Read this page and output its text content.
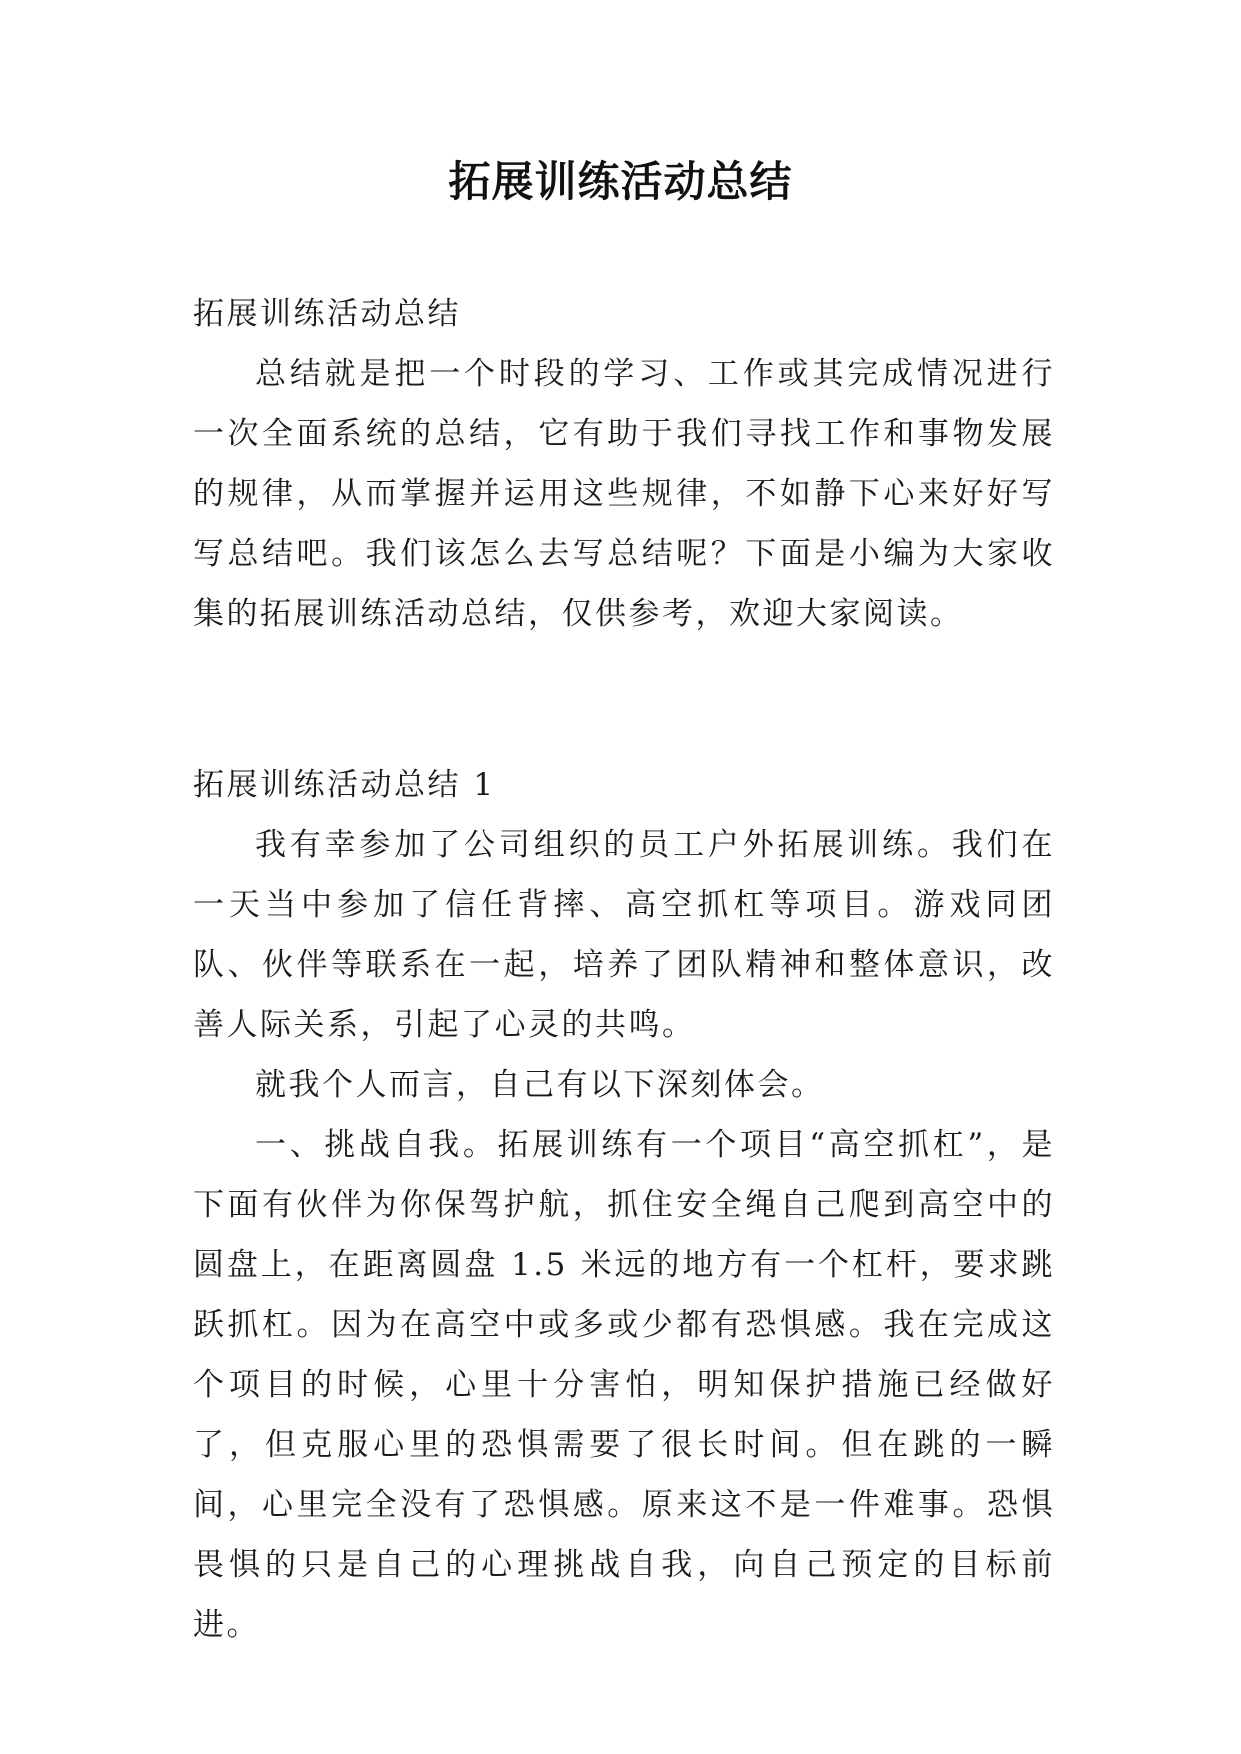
拓展训练活动总结
拓展训练活动总结

总结就是把一个时段的学习、工作或其完成情况进行一次全面系统的总结，它有助于我们寻找工作和事物发展的规律，从而掌握并运用这些规律，不如静下心来好好写写总结吧。我们该怎么去写总结呢？下面是小编为大家收集的拓展训练活动总结，仅供参考，欢迎大家阅读。

拓展训练活动总结 1

我有幸参加了公司组织的员工户外拓展训练。我们在一天当中参加了信任背摔、高空抓杠等项目。游戏同团队、伙伴等联系在一起，培养了团队精神和整体意识，改善人际关系，引起了心灵的共鸣。

就我个人而言，自己有以下深刻体会。

一、挑战自我。拓展训练有一个项目“高空抓杠”，是下面有伙伴为你保驾护航，抓住安全绳自己爬到高空中的圆盘上，在距离圆盘 1.5 米远的地方有一个杠杆，要求跳跃抓杠。因为在高空中或多或少都有恐惧感。我在完成这个项目的时候，心里十分害怕，明知保护措施已经做好了，但克服心里的恐惧需要了很长时间。但在跳的一瞬间，心里完全没有了恐惧感。原来这不是一件难事。恐惧畏惧的只是自己的心理挑战自我，向自己预定的目标前进。
